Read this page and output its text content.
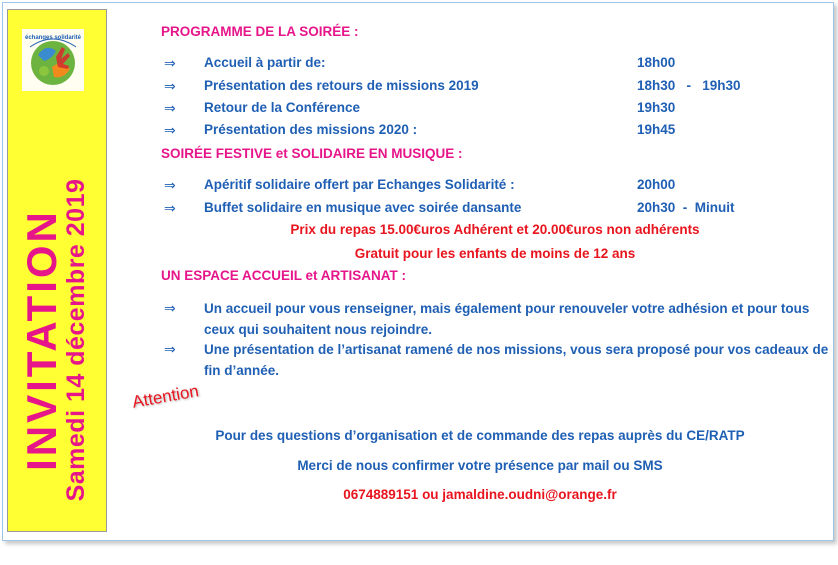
échanges solidarité
INVITATION
Samedi 14 décembre 2019
PROGRAMME DE LA SOIRÉE :
⇒ Accueil à partir de:	18h00
⇒ Présentation des retours de missions 2019	18h30   -   19h30
⇒ Retour de la Conférence	19h30
⇒ Présentation des missions 2020 :	19h45
SOIRÉE FESTIVE et SOLIDAIRE EN MUSIQUE :
⇒ Apéritif solidaire offert par Echanges Solidarité :	20h00
⇒ Buffet solidaire en musique avec soirée dansante	20h30  -  Minuit
Prix du repas 15.00€uros Adhérent et 20.00€uros non adhérents
Gratuit pour les enfants de moins de 12 ans
UN ESPACE ACCUEIL et ARTISANAT :
⇒ Un accueil pour vous renseigner, mais également pour renouveler votre adhésion et pour tous ceux qui souhaitent nous rejoindre.
⇒ Une présentation de l’artisanat ramené de nos missions, vous sera proposé pour vos cadeaux de fin d’année.
Attention
Pour des questions d’organisation et de commande des repas auprès du CE/RATP
Merci de nous confirmer votre présence par mail ou SMS
0674889151 ou jamaldine.oudni@orange.fr
